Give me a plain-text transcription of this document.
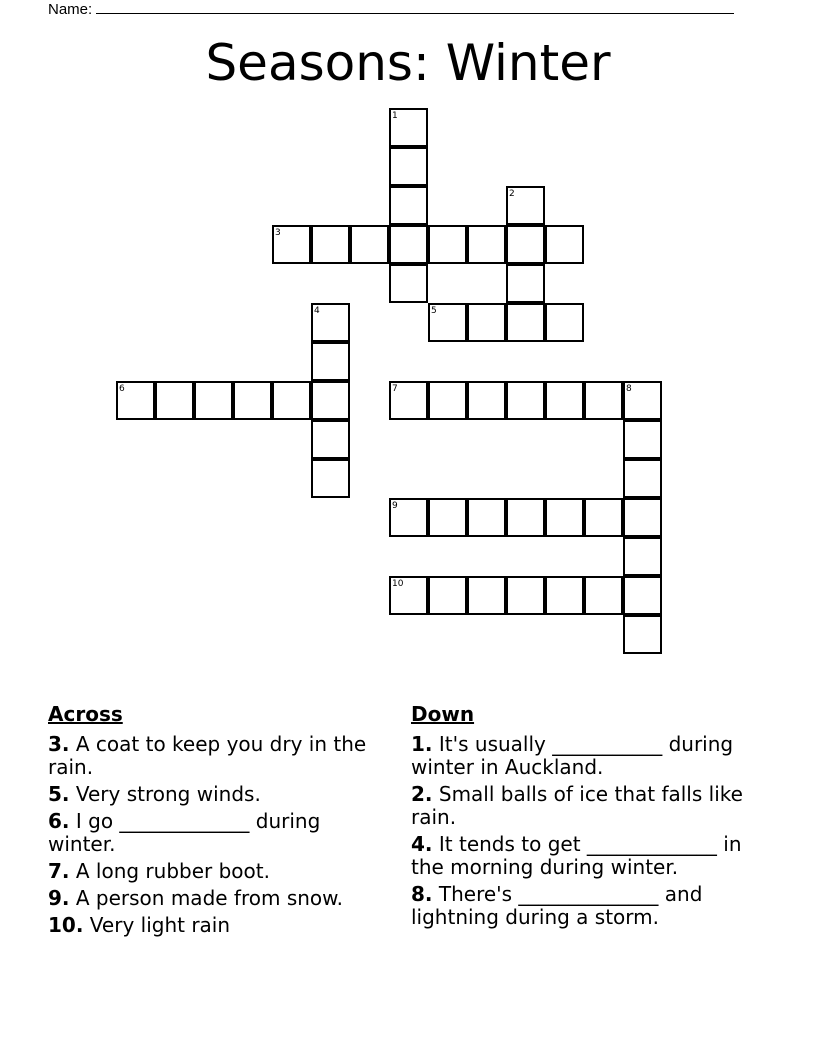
Name:
Seasons: Winter
1
2
3
4	5
6	7	8
9
10
Across
3. A coat to keep you dry in the rain.
5. Very strong winds.
6. I go _____________ during winter.
7. A long rubber boot.
9. A person made from snow.
10. Very light rain
Down
1. It's usually ___________ during winter in Auckland.
2. Small balls of ice that falls like rain.
4. It tends to get _____________ in the morning during winter.
8. There's ______________ and lightning during a storm.
